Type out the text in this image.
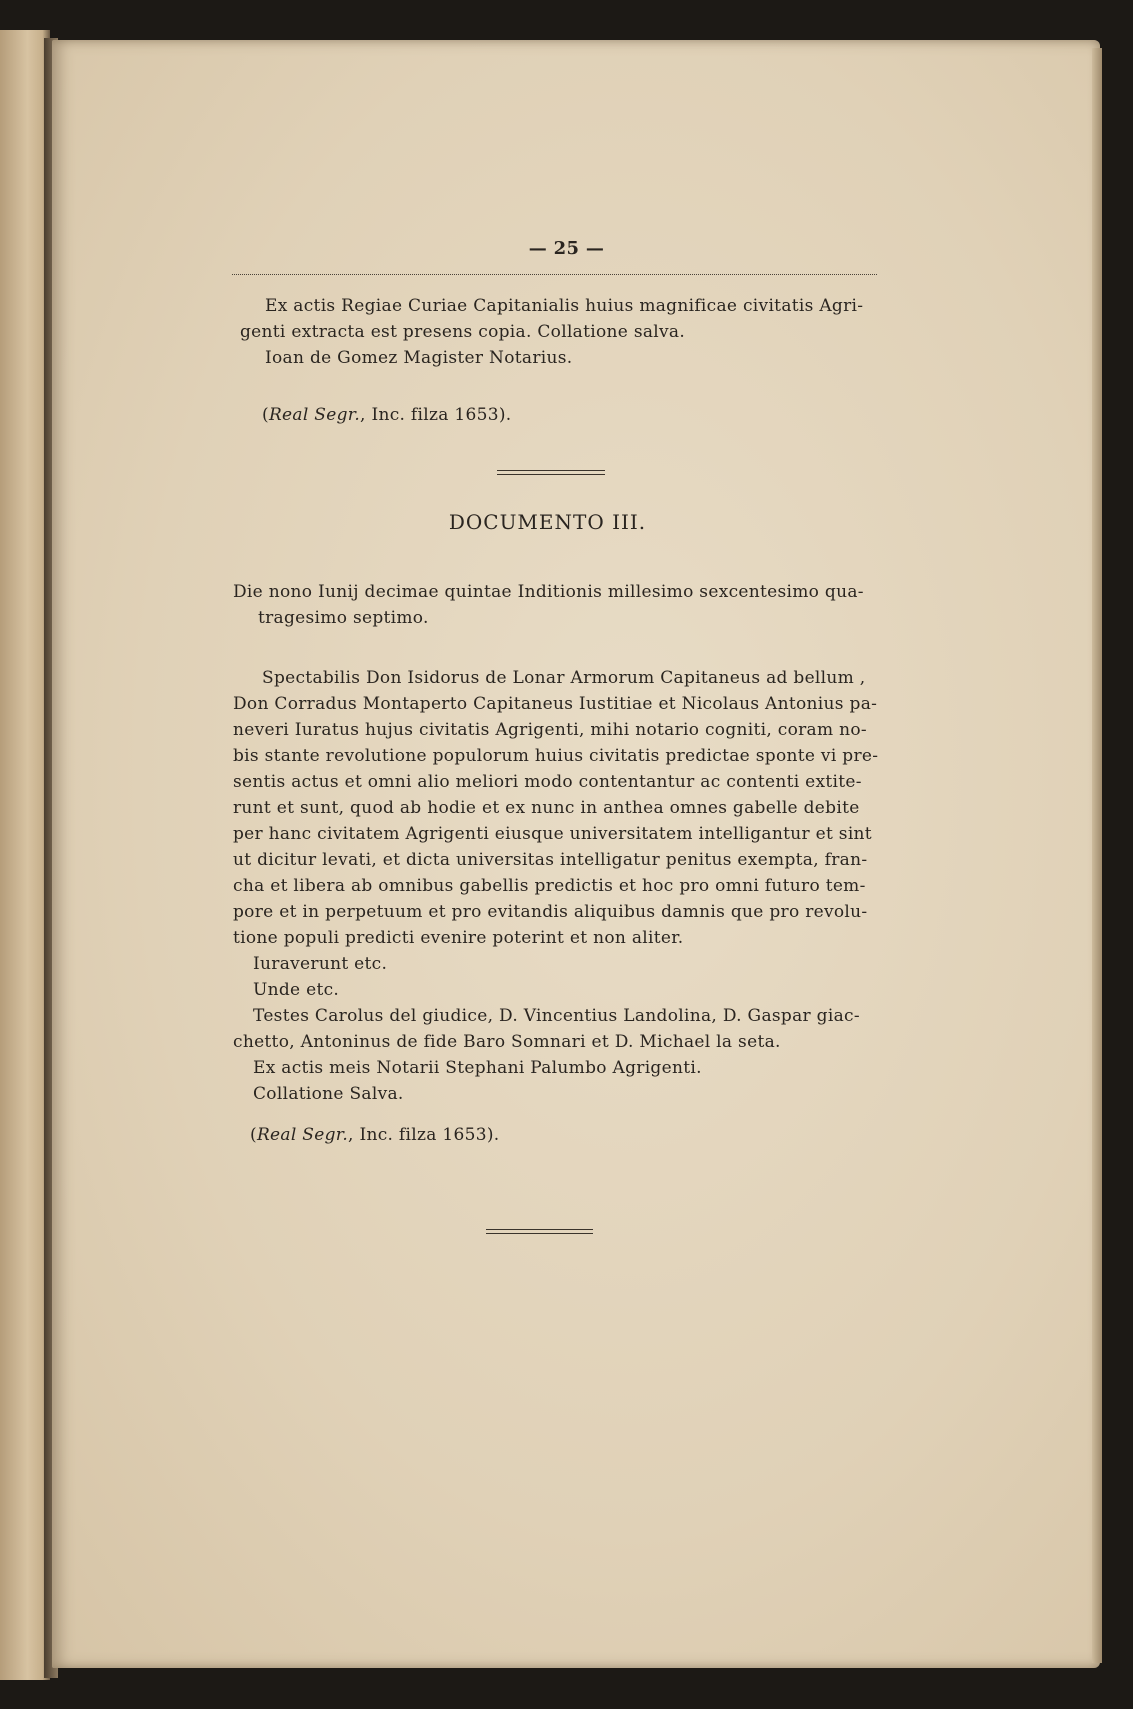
— 25 —
Ex actis Regiae Curiae Capitanialis huius magnificae civitatis Agri-
genti extracta est presens copia. Collatione salva.
Ioan de Gomez Magister Notarius.
(Real Segr., Inc. filza 1653).
DOCUMENTO III.
Die nono Iunij decimae quintae Inditionis millesimo sexcentesimo qua-
tragesimo septimo.
Spectabilis Don Isidorus de Lonar Armorum Capitaneus ad bellum ,
Don Corradus Montaperto Capitaneus Iustitiae et Nicolaus Antonius pa-
neveri Iuratus hujus civitatis Agrigenti, mihi notario cogniti, coram no-
bis stante revolutione populorum huius civitatis predictae sponte vi pre-
sentis actus et omni alio meliori modo contentantur ac contenti extite-
runt et sunt, quod ab hodie et ex nunc in anthea omnes gabelle debite
per hanc civitatem Agrigenti eiusque universitatem intelligantur et sint
ut dicitur levati, et dicta universitas intelligatur penitus exempta, fran-
cha et libera ab omnibus gabellis predictis et hoc pro omni futuro tem-
pore et in perpetuum et pro evitandis aliquibus damnis que pro revolu-
tione populi predicti evenire poterint et non aliter.
Iuraverunt etc.
Unde etc.
Testes Carolus del giudice, D. Vincentius Landolina, D. Gaspar giac-
chetto, Antoninus de fide Baro Somnari et D. Michael la seta.
Ex actis meis Notarii Stephani Palumbo Agrigenti.
Collatione Salva.
(Real Segr., Inc. filza 1653).
